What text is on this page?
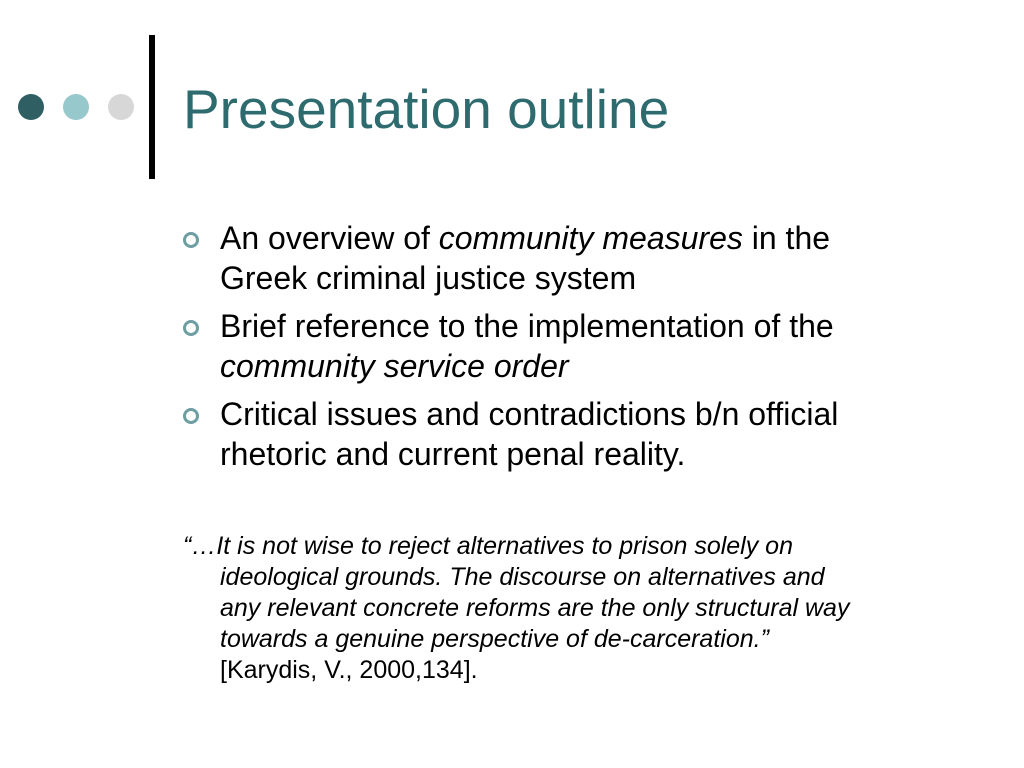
Presentation outline
An overview of community measures in the
Greek criminal justice system
Brief reference to the implementation of the
community service order
Critical issues and contradictions b/n official
rhetoric and current penal reality.
“…It is not wise to reject alternatives to prison solely on
ideological grounds. The discourse on alternatives and
any relevant concrete reforms are the only structural way
towards a genuine perspective of de-carceration.”
[Karydis, V., 2000,134].
